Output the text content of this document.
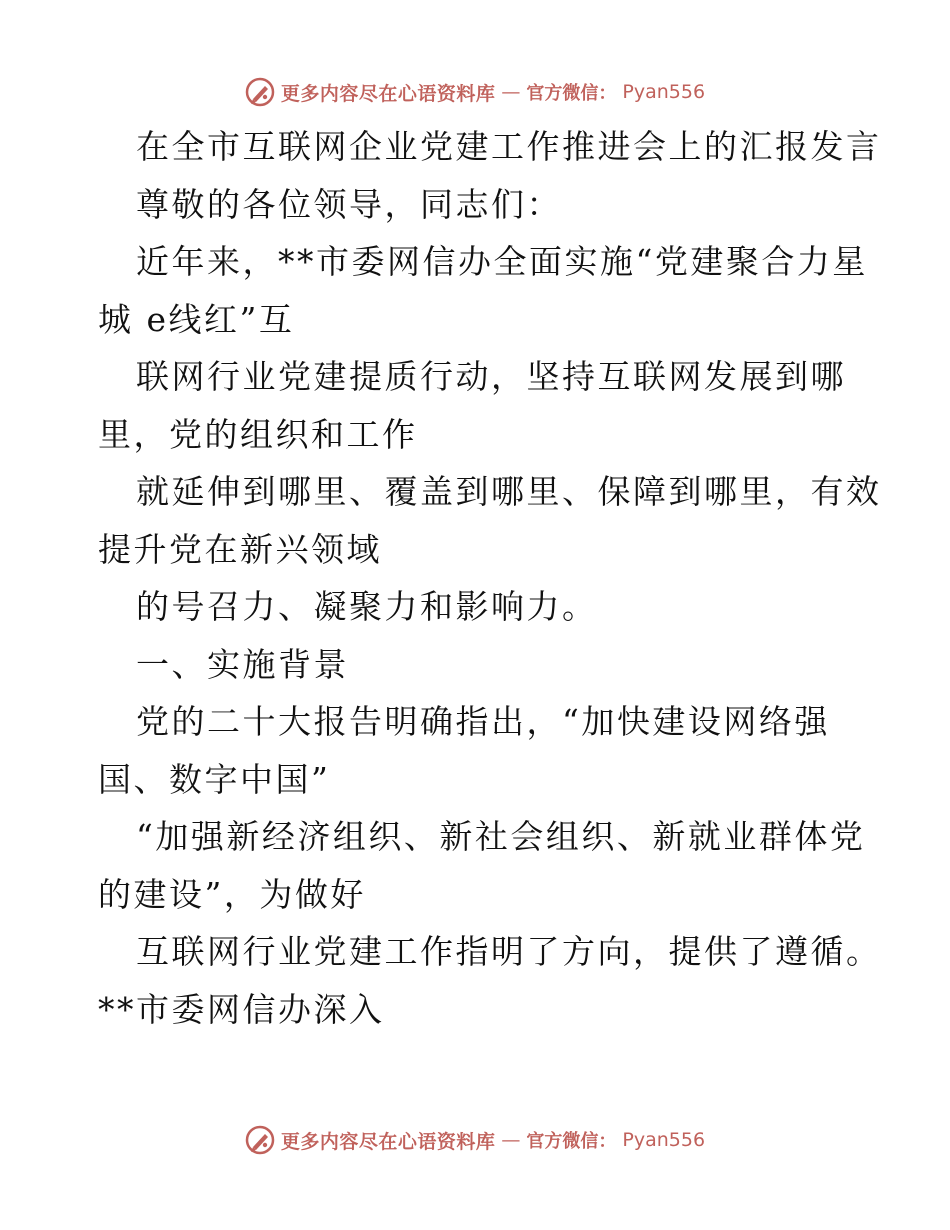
更多内容尽在心语资料库 — 官方微信： Pyan556
在全市互联网企业党建工作推进会上的汇报发言
尊敬的各位领导，同志们：
近年来，**市委网信办全面实施“党建聚合力星
城 e线红”互
联网行业党建提质行动，坚持互联网发展到哪
里，党的组织和工作
就延伸到哪里、覆盖到哪里、保障到哪里，有效
提升党在新兴领域
的号召力、凝聚力和影响力。
一、实施背景
党的二十大报告明确指出，“加快建设网络强
国、数字中国”
“加强新经济组织、新社会组织、新就业群体党
的建设”，为做好
互联网行业党建工作指明了方向，提供了遵循。
**市委网信办深入
更多内容尽在心语资料库 — 官方微信： Pyan556
